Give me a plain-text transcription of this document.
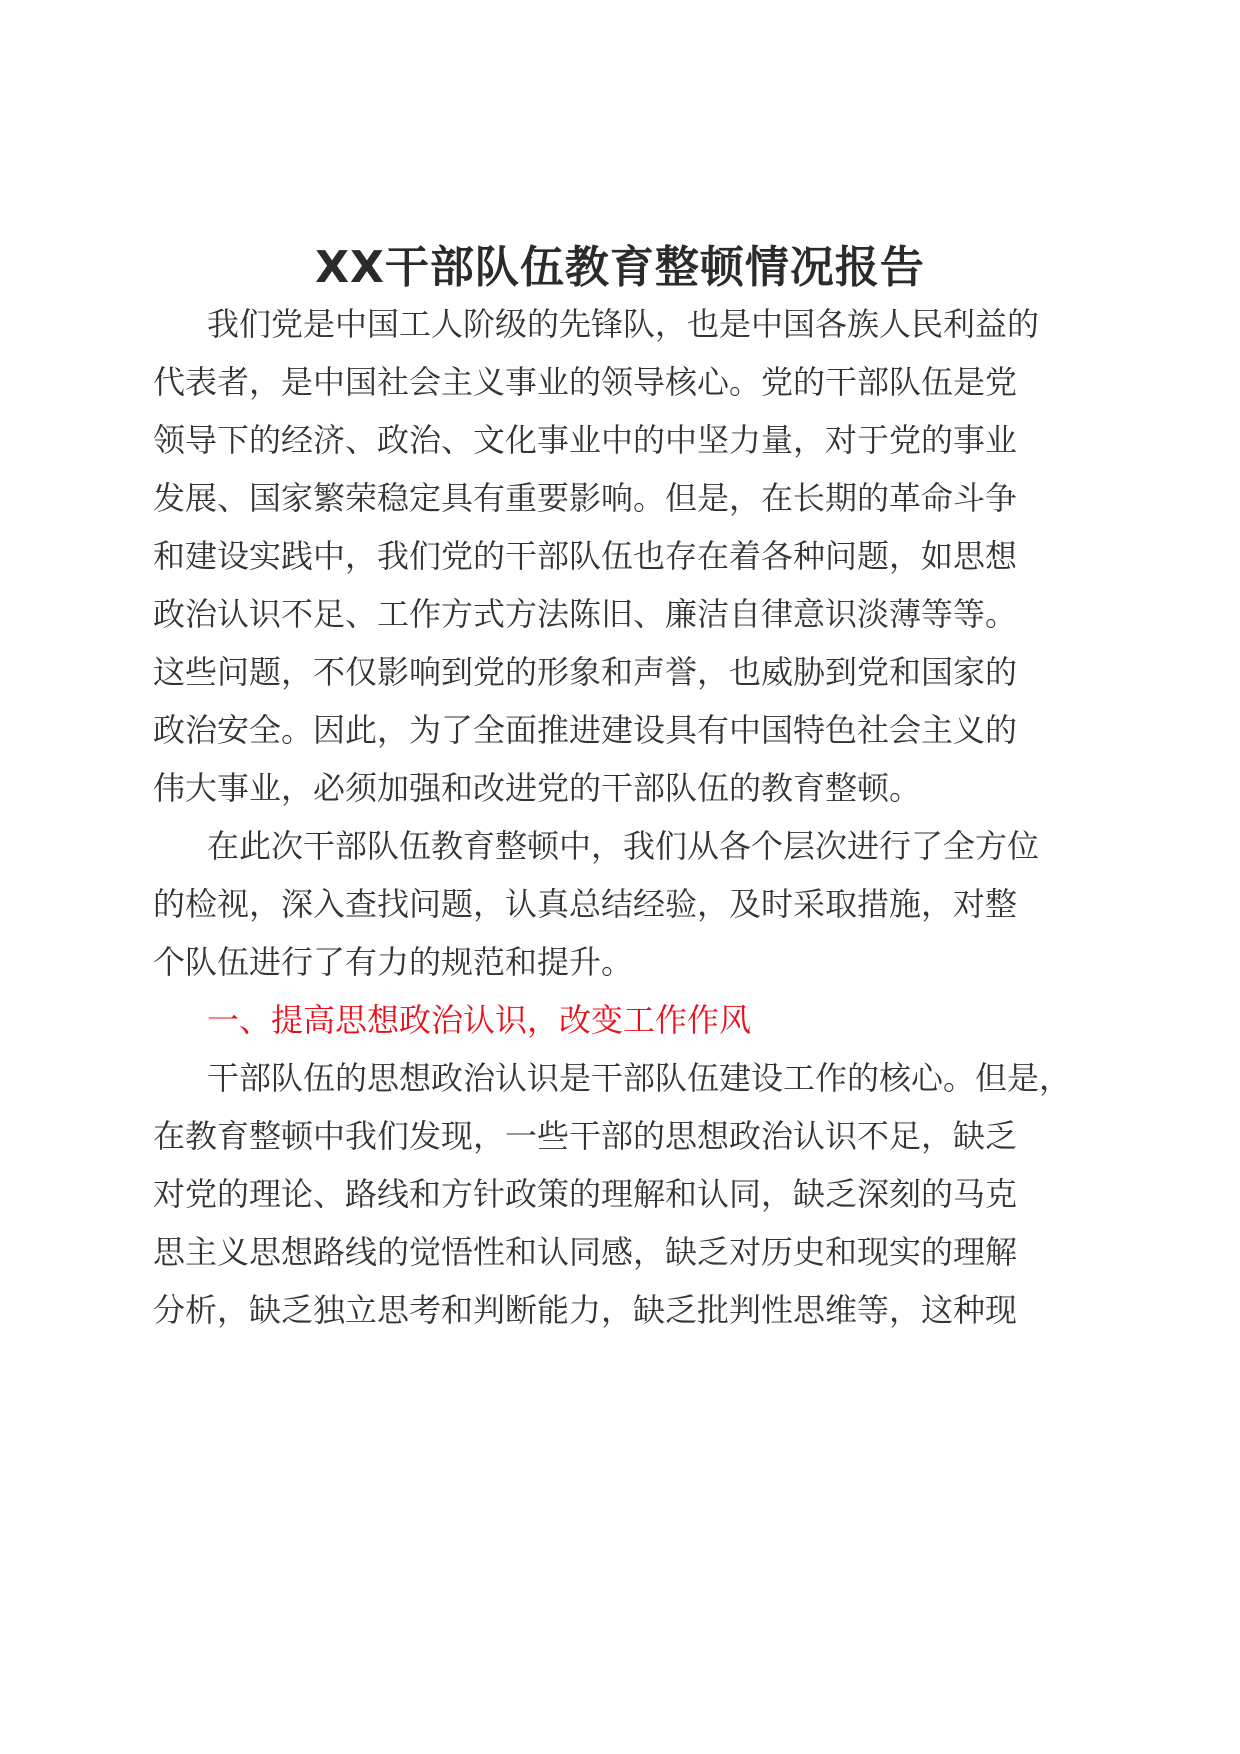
XX干部队伍教育整顿情况报告
我们党是中国工人阶级的先锋队，也是中国各族人民利益的
代表者，是中国社会主义事业的领导核心。党的干部队伍是党
领导下的经济、政治、文化事业中的中坚力量，对于党的事业
发展、国家繁荣稳定具有重要影响。但是，在长期的革命斗争
和建设实践中，我们党的干部队伍也存在着各种问题，如思想
政治认识不足、工作方式方法陈旧、廉洁自律意识淡薄等等。
这些问题，不仅影响到党的形象和声誉，也威胁到党和国家的
政治安全。因此，为了全面推进建设具有中国特色社会主义的
伟大事业，必须加强和改进党的干部队伍的教育整顿。
在此次干部队伍教育整顿中，我们从各个层次进行了全方位
的检视，深入查找问题，认真总结经验，及时采取措施，对整
个队伍进行了有力的规范和提升。
一、提高思想政治认识，改变工作作风
干部队伍的思想政治认识是干部队伍建设工作的核心。但是，
在教育整顿中我们发现，一些干部的思想政治认识不足，缺乏
对党的理论、路线和方针政策的理解和认同，缺乏深刻的马克
思主义思想路线的觉悟性和认同感，缺乏对历史和现实的理解
分析，缺乏独立思考和判断能力，缺乏批判性思维等，这种现
